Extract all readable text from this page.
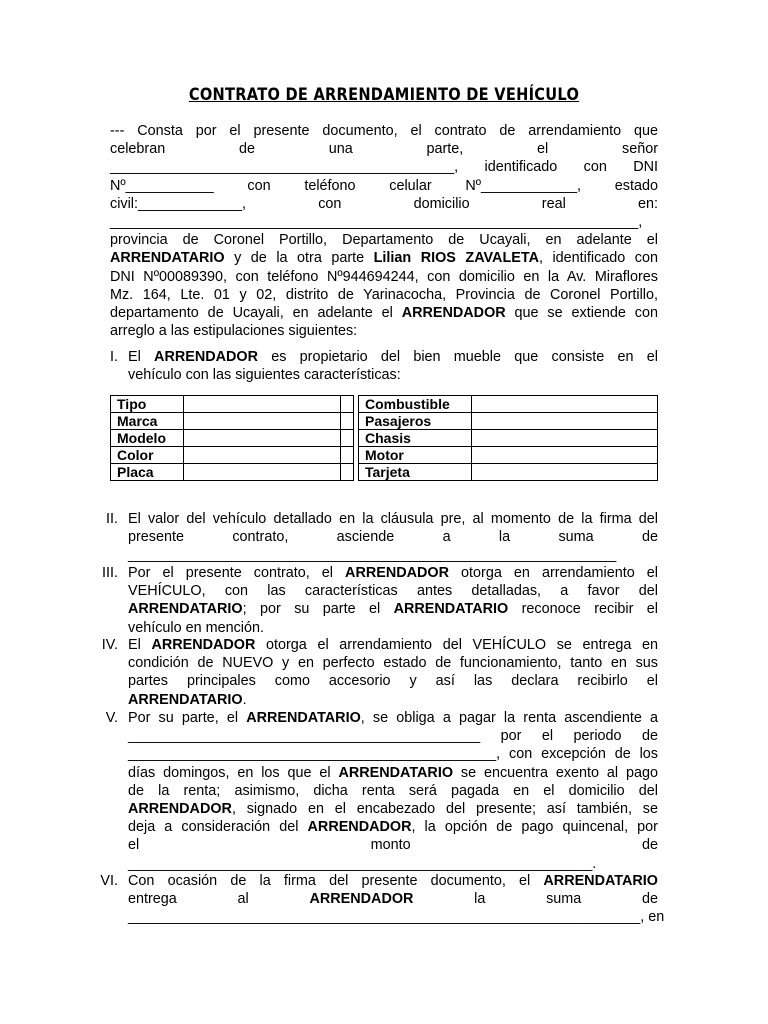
CONTRATO DE ARRENDAMIENTO DE VEHÍCULO
--- Consta por el presente documento, el contrato de arrendamiento que
celebran	de	una	parte,	el	señor
___________________________________________, identificado con DNI
Nº___________ con teléfono celular Nº____________, estado
civil:_____________, con domicilio real en:
__________________________________________________________________,
provincia de Coronel Portillo, Departamento de Ucayali, en adelante el
ARRENDATARIO y de la otra parte Lilian RIOS ZAVALETA, identificado con
DNI Nº00089390, con teléfono Nº944694244, con domicilio en la Av. Miraflores
Mz. 164, Lte. 01 y 02, distrito de Yarinacocha, Provincia de Coronel Portillo,
departamento de Ucayali, en adelante el ARRENDADOR que se extiende con
arreglo a las estipulaciones siguientes:
I. El ARRENDADOR es propietario del bien mueble que consiste en el
vehículo con las siguientes características:
Tipo				Combustible	
Marca				Pasajeros	
Modelo				Chasis	
Color				Motor	
Placa				Tarjeta	
II. El valor del vehículo detallado en la cláusula pre, al momento de la firma del
presente contrato, asciende a la suma de
_____________________________________________________________
III. Por el presente contrato, el ARRENDADOR otorga en arrendamiento el
VEHÍCULO, con las características antes detalladas, a favor del
ARRENDATARIO; por su parte el ARRENDATARIO reconoce recibir el
vehículo en mención.
IV. El ARRENDADOR otorga el arrendamiento del VEHÍCULO se entrega en
condición de NUEVO y en perfecto estado de funcionamiento, tanto en sus
partes principales como accesorio y así las declara recibirlo el
ARRENDATARIO.
V. Por su parte, el ARRENDATARIO, se obliga a pagar la renta ascendiente a
____________________________________________ por el periodo de
______________________________________________, con excepción de los
días domingos, en los que el ARRENDATARIO se encuentra exento al pago
de la renta; asimismo, dicha renta será pagada en el domicilio del
ARRENDADOR, signado en el encabezado del presente; así también, se
deja a consideración del ARRENDADOR, la opción de pago quincenal, por
el	monto	de
__________________________________________________________.
VI. Con ocasión de la firma del presente documento, el ARRENDATARIO
entrega	al	ARRENDADOR	la	suma	de
________________________________________________________________, en
